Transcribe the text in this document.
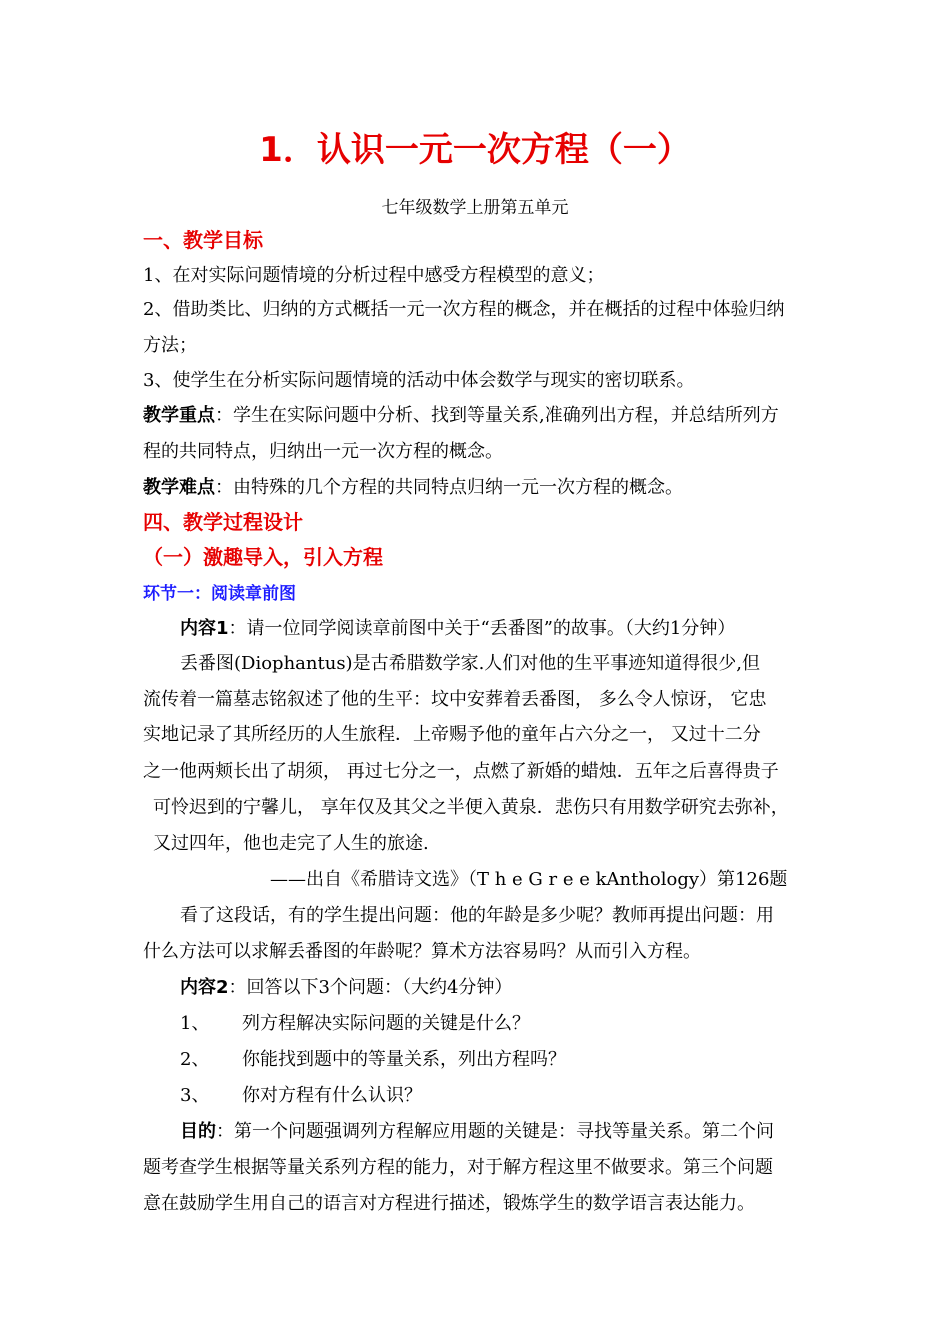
1．认识一元一次方程（一）
七年级数学上册第五单元
一、教学目标
1、在对实际问题情境的分析过程中感受方程模型的意义；
2、借助类比、归纳的方式概括一元一次方程的概念，并在概括的过程中体验归纳
方法；
3、使学生在分析实际问题情境的活动中体会数学与现实的密切联系。
教学重点：学生在实际问题中分析、找到等量关系,准确列出方程，并总结所列方
程的共同特点，归纳出一元一次方程的概念。
教学难点：由特殊的几个方程的共同特点归纳一元一次方程的概念。
四、教学过程设计
（一）激趣导入，引入方程
环节一：阅读章前图
内容1：请一位同学阅读章前图中关于“丢番图”的故事。（大约1分钟）
丢番图(Diophantus)是古希腊数学家.人们对他的生平事迹知道得很少,但
流传着一篇墓志铭叙述了他的生平：坟中安葬着丢番图， 多么令人惊讶， 它忠
实地记录了其所经历的人生旅程．上帝赐予他的童年占六分之一， 又过十二分
之一他两颊长出了胡须， 再过七分之一，点燃了新婚的蜡烛．五年之后喜得贵子
可怜迟到的宁馨儿， 享年仅及其父之半便入黄泉．悲伤只有用数学研究去弥补，
又过四年，他也走完了人生的旅途.
——出自《希腊诗文选》（T h e G r e e kAnthology）第126题
看了这段话，有的学生提出问题：他的年龄是多少呢？教师再提出问题：用
什么方法可以求解丢番图的年龄呢？算术方法容易吗？从而引入方程。
内容2：回答以下3个问题：（大约4分钟）
1、 列方程解决实际问题的关键是什么？
2、 你能找到题中的等量关系，列出方程吗？
3、 你对方程有什么认识？
目的：第一个问题强调列方程解应用题的关键是：寻找等量关系。第二个问
题考查学生根据等量关系列方程的能力，对于解方程这里不做要求。第三个问题
意在鼓励学生用自己的语言对方程进行描述，锻炼学生的数学语言表达能力。
